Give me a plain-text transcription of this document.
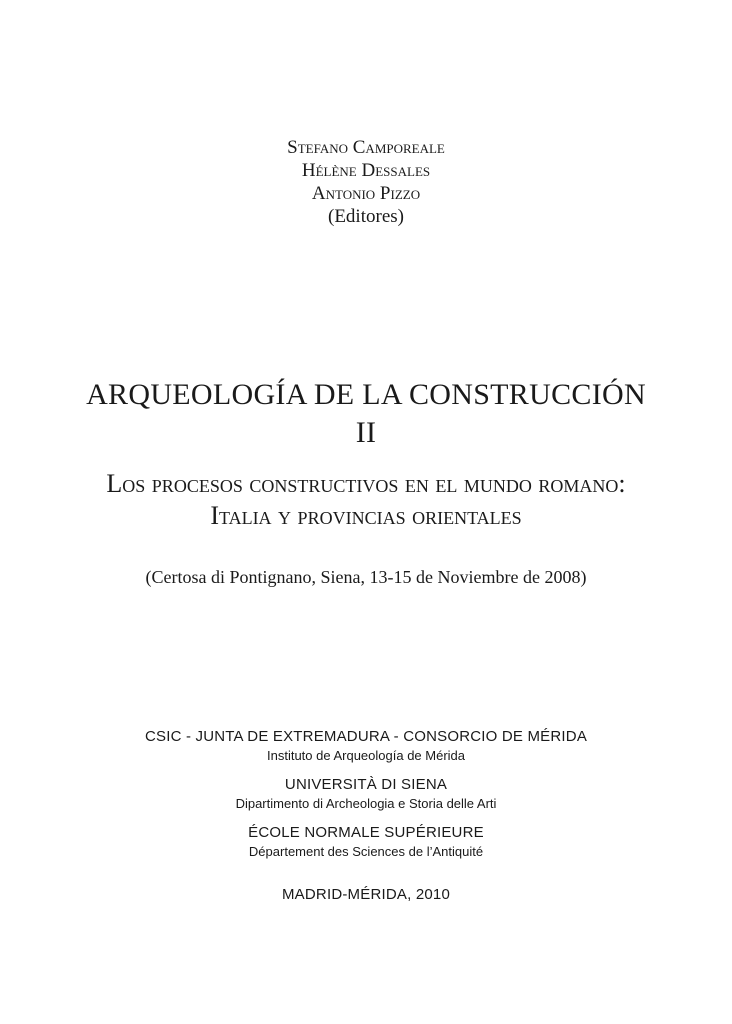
Stefano Camporeale
Hélène Dessales
Antonio Pizzo
(Editores)
ARQUEOLOGÍA DE LA CONSTRUCCIÓN
II
Los procesos constructivos en el mundo romano:
Italia y provincias orientales
(Certosa di Pontignano, Siena, 13-15 de Noviembre de 2008)
CSIC - JUNTA DE EXTREMADURA - CONSORCIO DE MÉRIDA
Instituto de Arqueología de Mérida
UNIVERSITÀ DI SIENA
Dipartimento di Archeologia e Storia delle Arti
ÉCOLE NORMALE SUPÉRIEURE
Département des Sciences de l’Antiquité
MADRID-MÉRIDA, 2010
